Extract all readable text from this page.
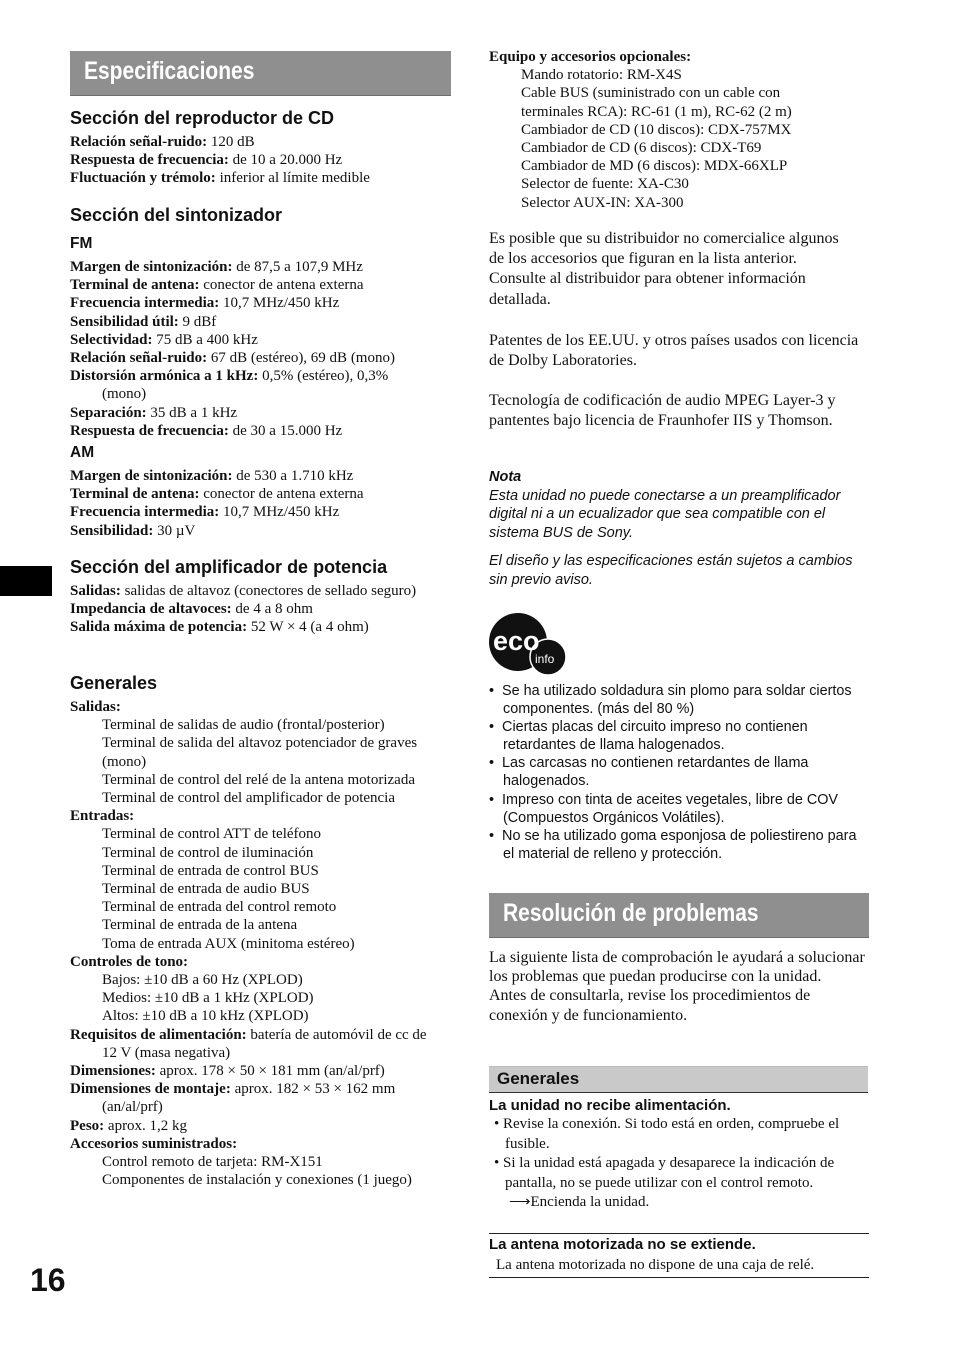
Especificaciones
Sección del reproductor de CD

Relación señal-ruido: 120 dB

Respuesta de frecuencia: de 10 a 20.000 Hz

Fluctuación y trémolo: inferior al límite medible

Sección del sintonizador
FM

Margen de sintonización: de 87,5 a 107,9 MHz

Terminal de antena: conector de antena externa

Frecuencia intermedia: 10,7 MHz/450 kHz

Sensibilidad útil: 9 dBf

Selectividad: 75 dB a 400 kHz

Relación señal-ruido: 67 dB (estéreo), 69 dB (mono)

Distorsión armónica a 1 kHz: 0,5% (estéreo), 0,3% (mono)

Separación: 35 dB a 1 kHz

Respuesta de frecuencia: de 30 a 15.000 Hz

AM

Margen de sintonización: de 530 a 1.710 kHz

Terminal de antena: conector de antena externa

Frecuencia intermedia: 10,7 MHz/450 kHz

Sensibilidad: 30 µV

Sección del amplificador de potencia

Salidas: salidas de altavoz (conectores de sellado seguro)

Impedancia de altavoces: de 4 a 8 ohm

Salida máxima de potencia: 52 W × 4 (a 4 ohm)

Generales

Salidas:

Terminal de salidas de audio (frontal/posterior)

Terminal de salida del altavoz potenciador de graves (mono)

Terminal de control del relé de la antena motorizada

Terminal de control del amplificador de potencia

Entradas:

Terminal de control ATT de teléfono

Terminal de control de iluminación

Terminal de entrada de control BUS

Terminal de entrada de audio BUS

Terminal de entrada del control remoto

Terminal de entrada de la antena

Toma de entrada AUX (minitoma estéreo)

Controles de tono:

Bajos: ±10 dB a 60 Hz (XPLOD)

Medios: ±10 dB a 1 kHz (XPLOD)

Altos: ±10 dB a 10 kHz (XPLOD)

Requisitos de alimentación: batería de automóvil de cc de 12 V (masa negativa)

Dimensiones: aprox. 178 × 50 × 181 mm (an/al/prf)

Dimensiones de montaje: aprox. 182 × 53 × 162 mm (an/al/prf)

Peso: aprox. 1,2 kg

Accesorios suministrados:

Control remoto de tarjeta: RM-X151

Componentes de instalación y conexiones (1 juego)

16

Equipo y accesorios opcionales:

Mando rotatorio: RM-X4S

Cable BUS (suministrado con un cable con terminales RCA): RC-61 (1 m), RC-62 (2 m)

Cambiador de CD (10 discos): CDX-757MX

Cambiador de CD (6 discos): CDX-T69

Cambiador de MD (6 discos): MDX-66XLP

Selector de fuente: XA-C30

Selector AUX-IN: XA-300

Es posible que su distribuidor no comercialice algunos de los accesorios que figuran en la lista anterior. Consulte al distribuidor para obtener información detallada.

Patentes de los EE.UU. y otros países usados con licencia de Dolby Laboratories.

Tecnología de codificación de audio MPEG Layer-3 y pantentes bajo licencia de Fraunhofer IIS y Thomson.

Nota

Esta unidad no puede conectarse a un preamplificador digital ni a un ecualizador que sea compatible con el sistema BUS de Sony.

El diseño y las especificaciones están sujetos a cambios sin previo aviso.

eco
info

•  Se ha utilizado soldadura sin plomo para soldar ciertos componentes. (más del 80 %)

•  Ciertas placas del circuito impreso no contienen retardantes de llama halogenados.

•  Las carcasas no contienen retardantes de llama halogenados.

•  Impreso con tinta de aceites vegetales, libre de COV (Compuestos Orgánicos Volátiles).

•  No se ha utilizado goma esponjosa de poliestireno para el material de relleno y protección.

Resolución de problemas

La siguiente lista de comprobación le ayudará a solucionar los problemas que puedan producirse con la unidad.

Antes de consultarla, revise los procedimientos de conexión y de funcionamiento.

Generales
La unidad no recibe alimentación.

• Revise la conexión. Si todo está en orden, compruebe el fusible.

• Si la unidad está apagada y desaparece la indicación de pantalla, no se puede utilizar con el control remoto.

⟶Encienda la unidad.

La antena motorizada no se extiende.

La antena motorizada no dispone de una caja de relé.
